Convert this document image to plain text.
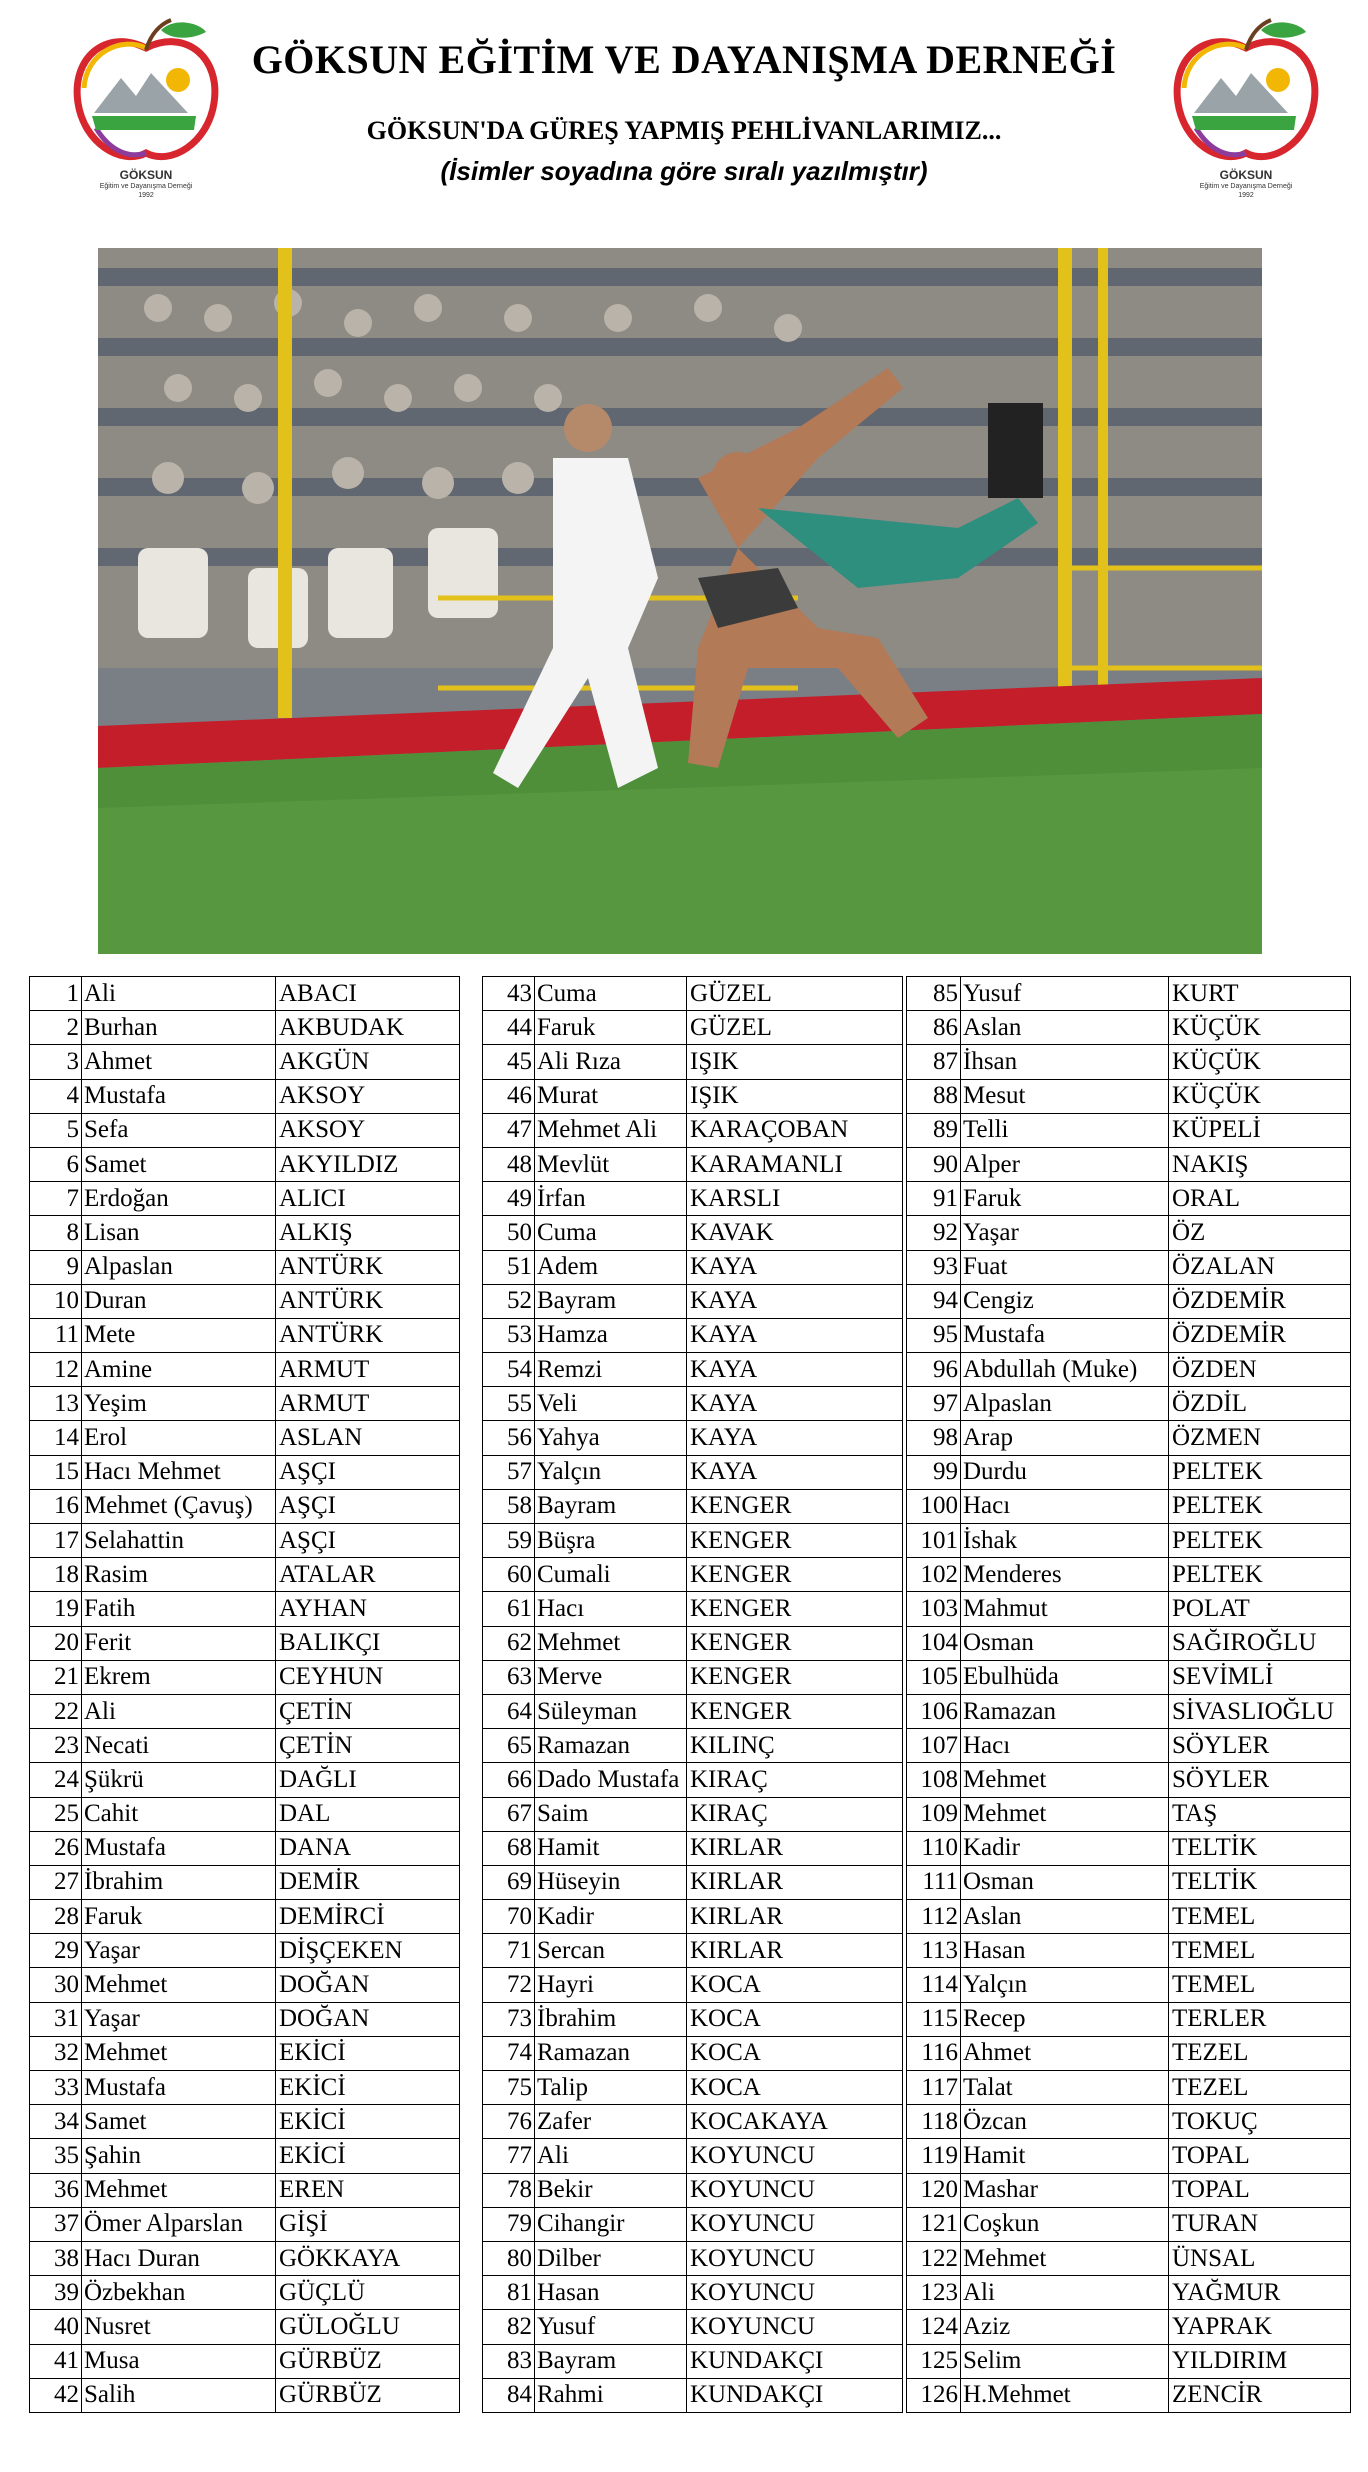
GÖKSUN
Eğitim ve Dayanışma Derneği
1992
GÖKSUN EĞİTİM VE DAYANIŞMA DERNEĞİ
GÖKSUN'DA GÜREŞ YAPMIŞ PEHLİVANLARIMIZ...
(İsimler soyadına göre sıralı yazılmıştır)	GÖKSUN
Eğitim ve Dayanışma Derneği
1992
1	Ali	ABACI
2	Burhan	AKBUDAK
3	Ahmet	AKGÜN
4	Mustafa	AKSOY
5	Sefa	AKSOY
6	Samet	AKYILDIZ
7	Erdoğan	ALICI
8	Lisan	ALKIŞ
9	Alpaslan	ANTÜRK
10	Duran	ANTÜRK
11	Mete	ANTÜRK
12	Amine	ARMUT
13	Yeşim	ARMUT
14	Erol	ASLAN
15	Hacı Mehmet	AŞÇI
16	Mehmet (Çavuş)	AŞÇI
17	Selahattin	AŞÇI
18	Rasim	ATALAR
19	Fatih	AYHAN
20	Ferit	BALIKÇI
21	Ekrem	CEYHUN
22	Ali	ÇETİN
23	Necati	ÇETİN
24	Şükrü	DAĞLI
25	Cahit	DAL
26	Mustafa	DANA
27	İbrahim	DEMİR
28	Faruk	DEMİRCİ
29	Yaşar	DİŞÇEKEN
30	Mehmet	DOĞAN
31	Yaşar	DOĞAN
32	Mehmet	EKİCİ
33	Mustafa	EKİCİ
34	Samet	EKİCİ
35	Şahin	EKİCİ
36	Mehmet	EREN
37	Ömer Alparslan	GİŞİ
38	Hacı Duran	GÖKKAYA
39	Özbekhan	GÜÇLÜ
40	Nusret	GÜLOĞLU
41	Musa	GÜRBÜZ
42	Salih	GÜRBÜZ
43	Cuma	GÜZEL
44	Faruk	GÜZEL
45	Ali Rıza	IŞIK
46	Murat	IŞIK
47	Mehmet Ali	KARAÇOBAN
48	Mevlüt	KARAMANLI
49	İrfan	KARSLI
50	Cuma	KAVAK
51	Adem	KAYA
52	Bayram	KAYA
53	Hamza	KAYA
54	Remzi	KAYA
55	Veli	KAYA
56	Yahya	KAYA
57	Yalçın	KAYA
58	Bayram	KENGER
59	Büşra	KENGER
60	Cumali	KENGER
61	Hacı	KENGER
62	Mehmet	KENGER
63	Merve	KENGER
64	Süleyman	KENGER
65	Ramazan	KILINÇ
66	Dado Mustafa	KIRAÇ
67	Saim	KIRAÇ
68	Hamit	KIRLAR
69	Hüseyin	KIRLAR
70	Kadir	KIRLAR
71	Sercan	KIRLAR
72	Hayri	KOCA
73	İbrahim	KOCA
74	Ramazan	KOCA
75	Talip	KOCA
76	Zafer	KOCAKAYA
77	Ali	KOYUNCU
78	Bekir	KOYUNCU
79	Cihangir	KOYUNCU
80	Dilber	KOYUNCU
81	Hasan	KOYUNCU
82	Yusuf	KOYUNCU
83	Bayram	KUNDAKÇI
84	Rahmi	KUNDAKÇI
85	Yusuf	KURT
86	Aslan	KÜÇÜK
87	İhsan	KÜÇÜK
88	Mesut	KÜÇÜK
89	Telli	KÜPELİ
90	Alper	NAKIŞ
91	Faruk	ORAL
92	Yaşar	ÖZ
93	Fuat	ÖZALAN
94	Cengiz	ÖZDEMİR
95	Mustafa	ÖZDEMİR
96	Abdullah (Muke)	ÖZDEN
97	Alpaslan	ÖZDİL
98	Arap	ÖZMEN
99	Durdu	PELTEK
100	Hacı	PELTEK
101	İshak	PELTEK
102	Menderes	PELTEK
103	Mahmut	POLAT
104	Osman	SAĞIROĞLU
105	Ebulhüda	SEVİMLİ
106	Ramazan	SİVASLIOĞLU
107	Hacı	SÖYLER
108	Mehmet	SÖYLER
109	Mehmet	TAŞ
110	Kadir	TELTİK
111	Osman	TELTİK
112	Aslan	TEMEL
113	Hasan	TEMEL
114	Yalçın	TEMEL
115	Recep	TERLER
116	Ahmet	TEZEL
117	Talat	TEZEL
118	Özcan	TOKUÇ
119	Hamit	TOPAL
120	Mashar	TOPAL
121	Coşkun	TURAN
122	Mehmet	ÜNSAL
123	Ali	YAĞMUR
124	Aziz	YAPRAK
125	Selim	YILDIRIM
126	H.Mehmet	ZENCİR
